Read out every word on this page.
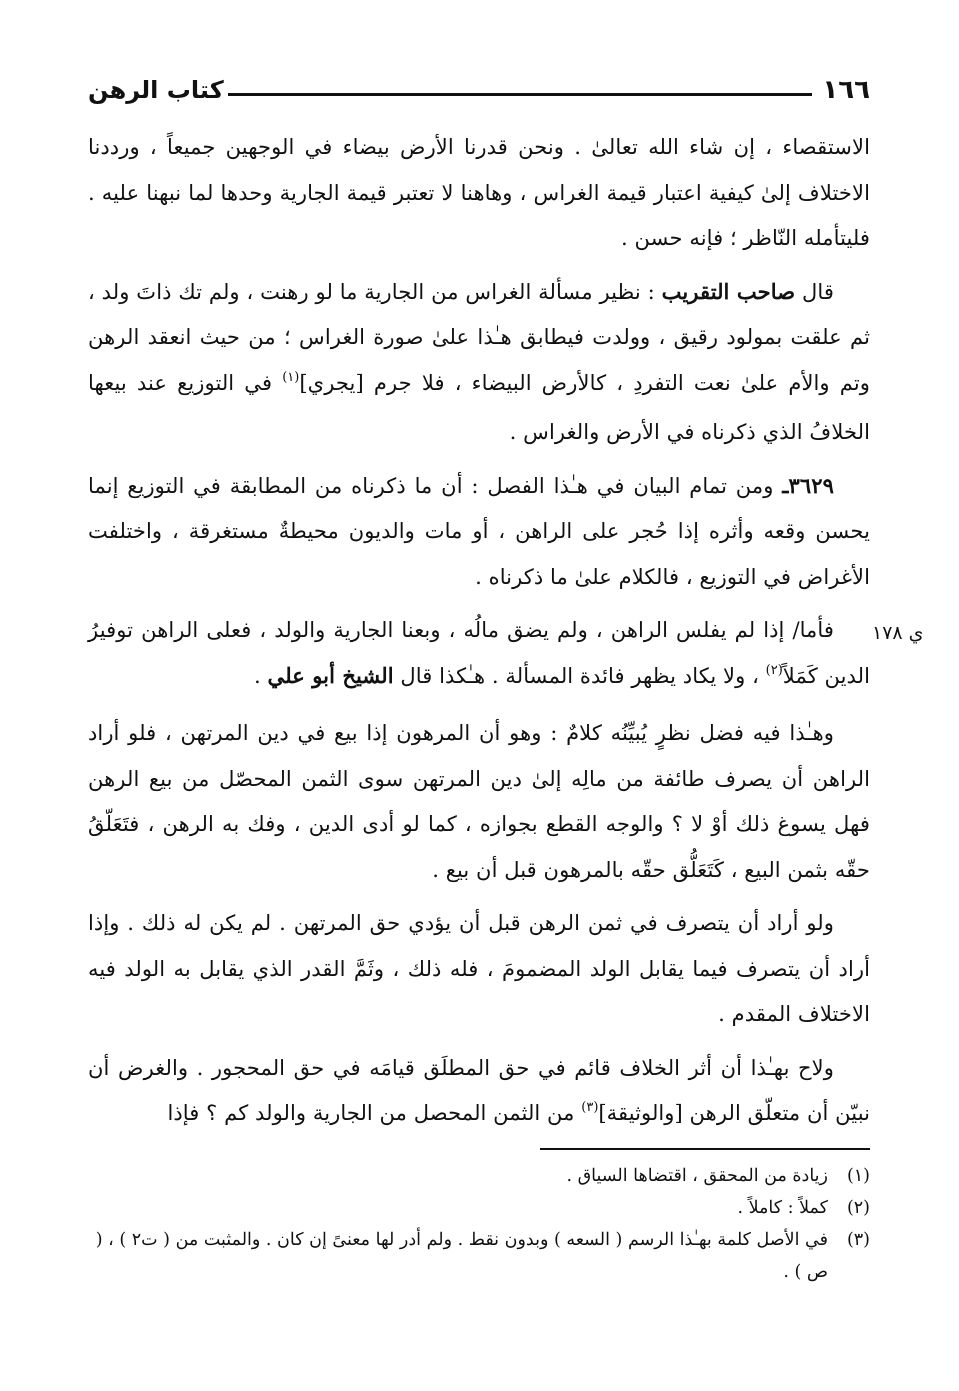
١٦٦
كتاب الرهن

الاستقصاء ، إن شاء الله تعالىٰ . ونحن قدرنا الأرض بيضاء في الوجهين جميعاً ، ورددنا الاختلاف إلىٰ كيفية اعتبار قيمة الغراس ، وهاهنا لا تعتبر قيمة الجارية وحدها لما نبهنا عليه . فليتأمله النّاظر ؛ فإنه حسن .

قال صاحب التقريب : نظير مسألة الغراس من الجارية ما لو رهنت ، ولم تك ذاتَ ولد ، ثم علقت بمولود رقيق ، وولدت فيطابق هـٰذا علىٰ صورة الغراس ؛ من حيث انعقد الرهن وتم والأم علىٰ نعت التفردِ ، كالأرض البيضاء ، فلا جرم [يجري]$^{(١)}$ في التوزيع عند بيعها الخلافُ الذي ذكرناه في الأرض والغراس .

٣٦٢٩ـ ومن تمام البيان في هـٰذا الفصل : أن ما ذكرناه من المطابقة في التوزيع إنما يحسن وقعه وأثره إذا حُجر على الراهن ، أو مات والديون محيطةٌ مستغرقة ، واختلفت الأغراض في التوزيع ، فالكلام علىٰ ما ذكرناه .

فأما/ إذا لم يفلس الراهن ، ولم يضق مالُه ، وبعنا الجارية والولد ، فعلى الراهن توفيرُ الدين كَمَلاً$^{(٢)}$ ، ولا يكاد يظهر فائدة المسألة . هـٰكذا قال الشيخ أبو علي .

وهـٰذا فيه فضل نظرٍ يُبيِّنُه كلامٌ : وهو أن المرهون إذا بيع في دين المرتهن ، فلو أراد الراهن أن يصرف طائفة من مالِه إلىٰ دين المرتهن سوى الثمن المحصّل من بيع الرهن فهل يسوغ ذلك أوْ لا ؟ والوجه القطع بجوازه ، كما لو أدى الدين ، وفك به الرهن ، فتَعَلّقُ حقّه بثمن البيع ، كَتَعَلُّق حقّه بالمرهون قبل أن بيع .

ولو أراد أن يتصرف في ثمن الرهن قبل أن يؤدي حق المرتهن . لم يكن له ذلك . وإذا أراد أن يتصرف فيما يقابل الولد المضمومَ ، فله ذلك ، وثَمَّ القدر الذي يقابل به الولد فيه الاختلاف المقدم .

ولاح بهـٰذا أن أثر الخلاف قائم في حق المطلَق قيامَه في حق المحجور . والغرض أن نبيّن أن متعلّق الرهن [والوثيقة]$^{(٣)}$ من الثمن المحصل من الجارية والولد كم ؟ فإذا

(١)
زيادة من المحقق ، اقتضاها السياق .
(٢)
كملاً : كاملاً .
(٣)
في الأصل كلمة بهـٰذا الرسم ( السعه ) وبدون نقط . ولم أدر لها معنىً إن كان . والمثبت من ( ت٢ ) ، ( ص ) .
ي ١٧٨
